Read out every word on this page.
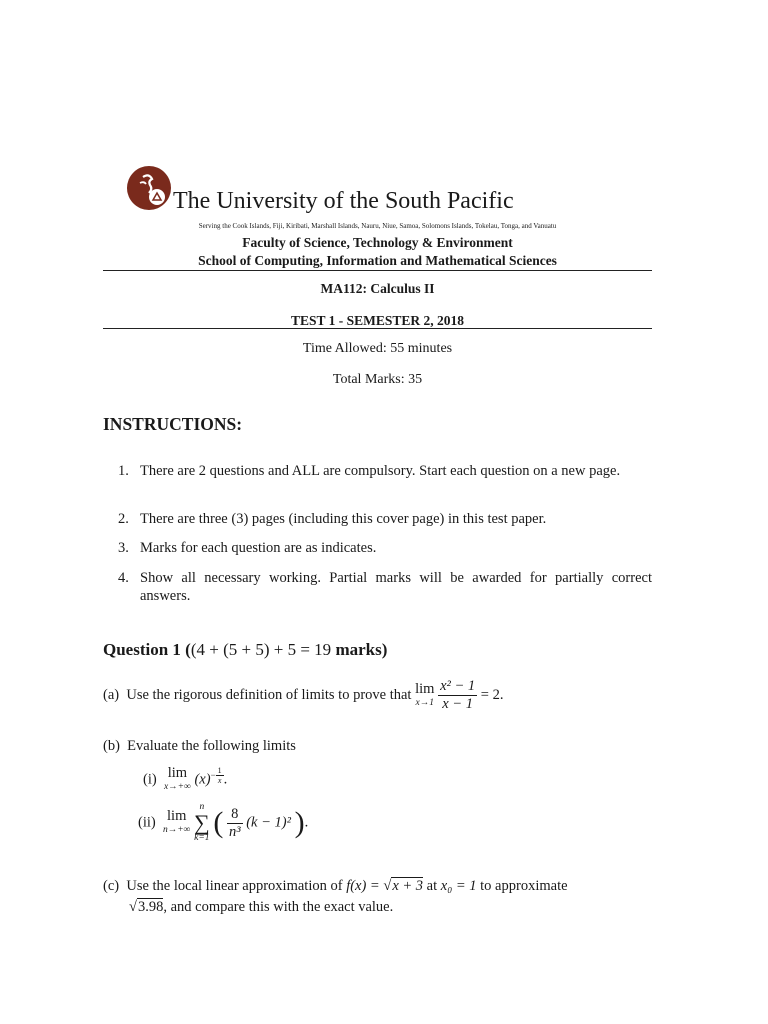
The University of the South Pacific
Serving the Cook Islands, Fiji, Kiribati, Marshall Islands, Nauru, Niue, Samoa, Solomons Islands, Tokelau, Tonga, and Vanuatu
Faculty of Science, Technology & Environment
School of Computing, Information and Mathematical Sciences
MA112: Calculus II
TEST 1 - SEMESTER 2, 2018
Time Allowed: 55 minutes
Total Marks: 35
INSTRUCTIONS:
1. There are 2 questions and ALL are compulsory. Start each question on a new page.
2. There are three (3) pages (including this cover page) in this test paper.
3. Marks for each question are as indicates.
4. Show all necessary working. Partial marks will be awarded for partially correct answers.
Question 1 ((4 + (5 + 5) + 5 = 19 marks)
(a) Use the rigorous definition of limits to prove that lim
x→1
$\frac{\text{x² − 1}}{x - 1} = 2$.
(b) Evaluate the following limits
(i) lim
x→+∞ $(x)^{- \frac{1}{x}}$ .
(ii) lim
n→+∞

n
∑
k=1 ( $\frac{8}{\text{n³}} (k - 1)^2$ ).
(c) Use the local linear approximation of f(x) = √x + 3 at x₀ = 1 to approximate
√3.98, and compare this with the exact value.
